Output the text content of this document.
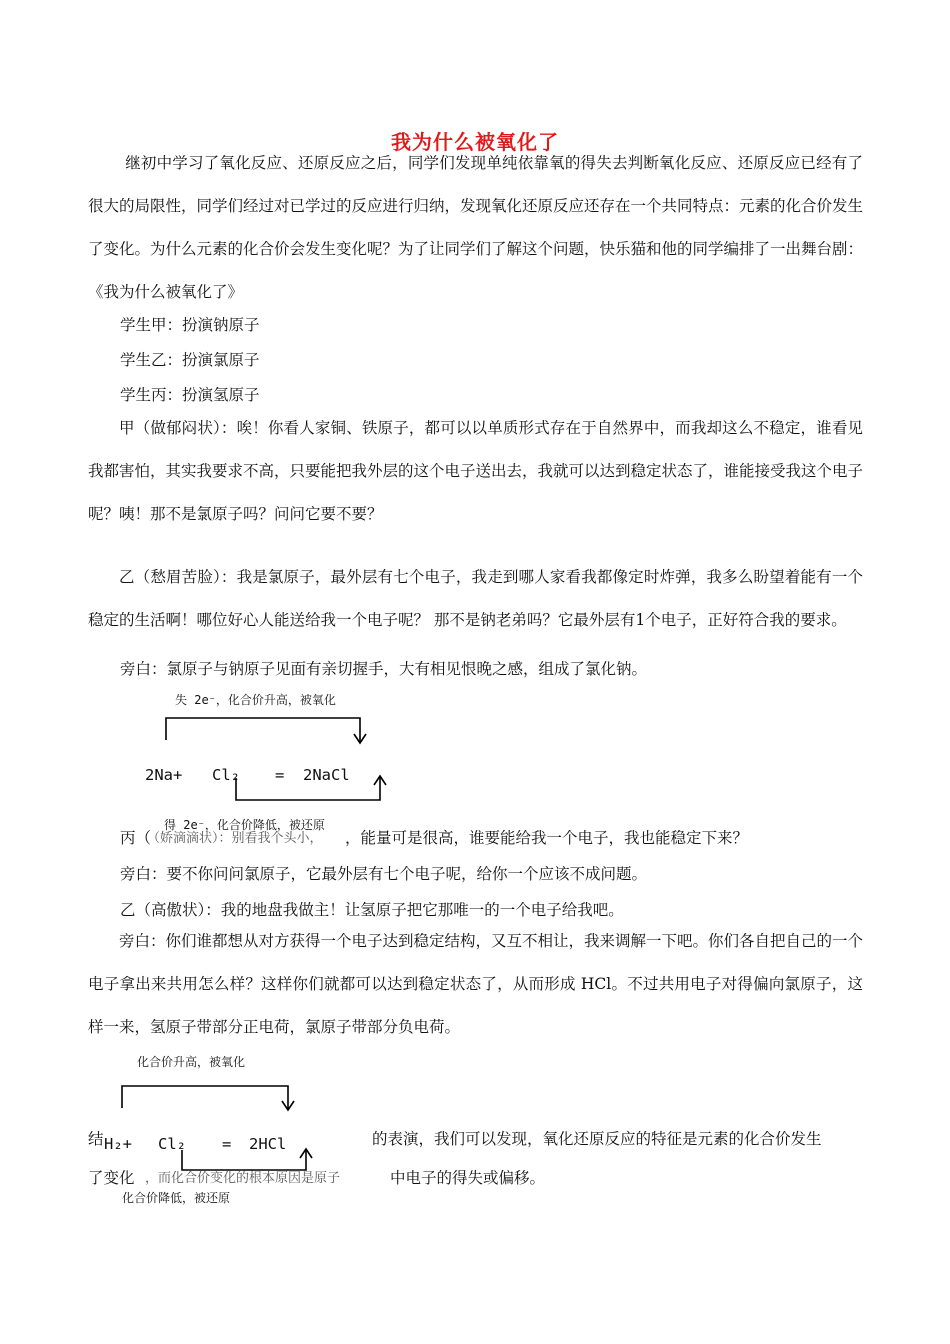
我为什么被氧化了
继初中学习了氧化反应、还原反应之后，同学们发现单纯依靠氧的得失去判断氧化反应、还原反应已经有了很大的局限性，同学们经过对已学过的反应进行归纳，发现氧化还原反应还存在一个共同特点：元素的化合价发生了变化。为什么元素的化合价会发生变化呢？为了让同学们了解这个问题，快乐猫和他的同学编排了一出舞台剧：《我为什么被氧化了》
学生甲：扮演钠原子
学生乙：扮演氯原子
学生丙：扮演氢原子
甲（做郁闷状）：唉！你看人家铜、铁原子，都可以以单质形式存在于自然界中，而我却这么不稳定，谁看见我都害怕，其实我要求不高，只要能把我外层的这个电子送出去，我就可以达到稳定状态了，谁能接受我这个电子呢？咦！那不是氯原子吗？问问它要不要？
乙（愁眉苦脸）：我是氯原子，最外层有七个电子，我走到哪人家看我都像定时炸弹，我多么盼望着能有一个稳定的生活啊！哪位好心人能送给我一个电子呢？ 那不是钠老弟吗？它最外层有1个电子，正好符合我的要求。
旁白：氯原子与钠原子见面有亲切握手，大有相见恨晚之感，组成了氯化钠。
失 2e⁻，化合价升高，被氧化
2Na+ Cl₂ = 2NaCl
得 2e⁻，化合价降低，被还原
丙（	，能量可是很高，谁要能给我一个电子，我也能稳定下来？
旁白：要不你问问氯原子，它最外层有七个电子呢，给你一个应该不成问题。
乙（高傲状）：我的地盘我做主！让氢原子把它那唯一的一个电子给我吧。
旁白：你们谁都想从对方获得一个电子达到稳定结构，又互不相让，我来调解一下吧。你们各自把自己的一个电子拿出来共用怎么样？这样你们就都可以达到稳定状态了，从而形成 HCl。不过共用电子对得偏向氯原子，这样一来，氢原子带部分正电荷，氯原子带部分负电荷。
化合价升高，被氧化
结 H₂+ Cl₂ = 2HCl	的表演，我们可以发现，氧化还原反应的特征是元素的化合价发生
了变化	中电子的得失或偏移。
化合价降低，被还原
（娇滴滴状）：别看我个头小，
，而化合价变化的根本原因是原子
